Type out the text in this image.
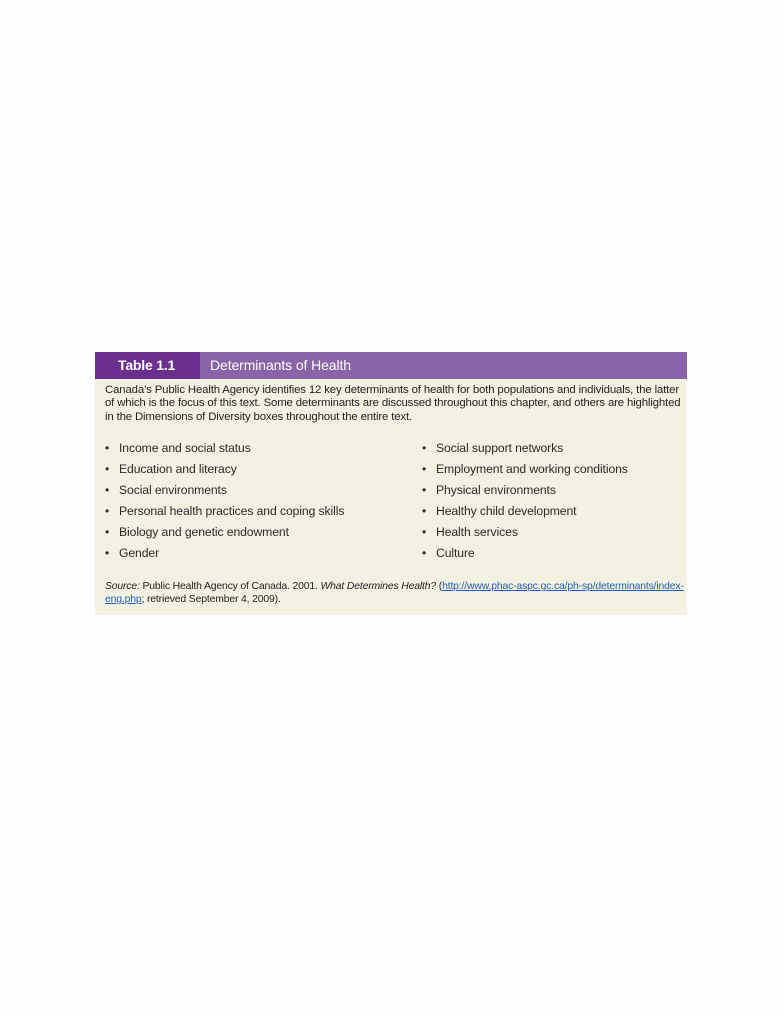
Table 1.1	Determinants of Health
Canada’s Public Health Agency identifies 12 key determinants of health for both populations and individuals, the latter of which is the focus of this text. Some determinants are discussed throughout this chapter, and others are highlighted in the Dimensions of Diversity boxes throughout the entire text.
• Income and social status
• Education and literacy
• Social environments
• Personal health practices and coping skills
• Biology and genetic endowment
• Gender
• Social support networks
• Employment and working conditions
• Physical environments
• Healthy child development
• Health services
• Culture
Source: Public Health Agency of Canada. 2001. What Determines Health? (http://www.phac-aspc.gc.ca/ph-sp/determinants/index-eng.php; retrieved September 4, 2009).
